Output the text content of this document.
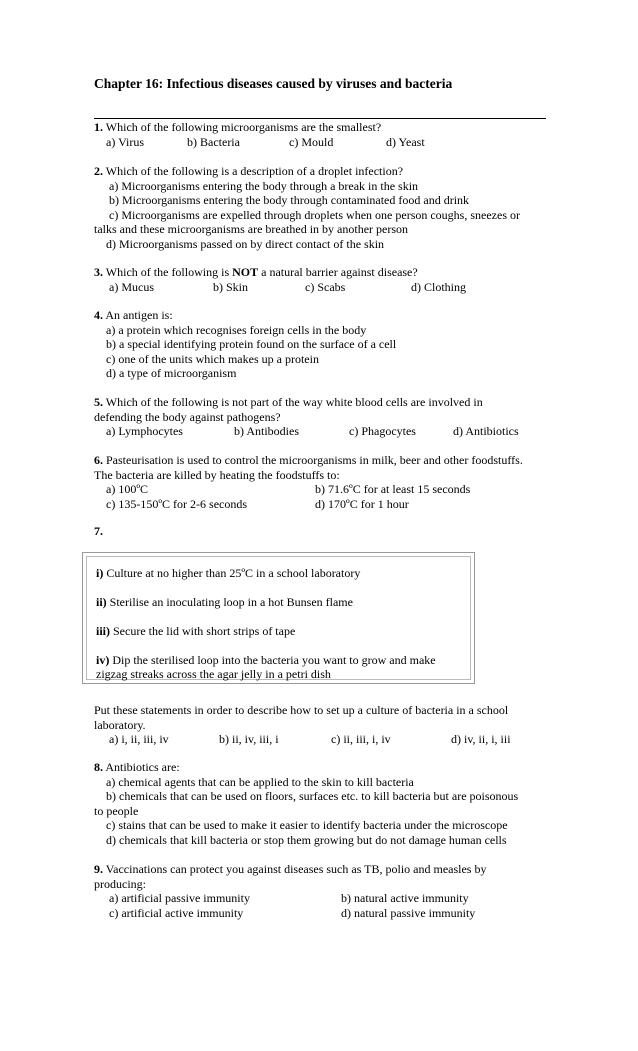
Chapter 16: Infectious diseases caused by viruses and bacteria
1. Which of the following microorganisms are the smallest?
a) Virus	b) Bacteria	c) Mould	d) Yeast
2. Which of the following is a description of a droplet infection?
a) Microorganisms entering the body through a break in the skin
b) Microorganisms entering the body through contaminated food and drink
c) Microorganisms are expelled through droplets when one person coughs, sneezes or
talks and these microorganisms are breathed in by another person
d) Microorganisms passed on by direct contact of the skin
3. Which of the following is NOT a natural barrier against disease?
a) Mucus	b) Skin	c) Scabs	d) Clothing
4. An antigen is:
a) a protein which recognises foreign cells in the body
b) a special identifying protein found on the surface of a cell
c) one of the units which makes up a protein
d) a type of microorganism
5. Which of the following is not part of the way white blood cells are involved in
defending the body against pathogens?
a) Lymphocytes	b) Antibodies	c) Phagocytes	d) Antibiotics
6. Pasteurisation is used to control the microorganisms in milk, beer and other foodstuffs.
The bacteria are killed by heating the foodstuffs to:
a) 100ºC	b) 71.6ºC for at least 15 seconds
c) 135-150ºC for 2-6 seconds	d) 170ºC for 1 hour
7.
i) Culture at no higher than 25ºC in a school laboratory
ii) Sterilise an inoculating loop in a hot Bunsen flame
iii) Secure the lid with short strips of tape
iv) Dip the sterilised loop into the bacteria you want to grow and make
zigzag streaks across the agar jelly in a petri dish
Put these statements in order to describe how to set up a culture of bacteria in a school
laboratory.
a) i, ii, iii, iv	b) ii, iv, iii, i	c) ii, iii, i, iv	d) iv, ii, i, iii
8. Antibiotics are:
a) chemical agents that can be applied to the skin to kill bacteria
b) chemicals that can be used on floors, surfaces etc. to kill bacteria but are poisonous
to people
c) stains that can be used to make it easier to identify bacteria under the microscope
d) chemicals that kill bacteria or stop them growing but do not damage human cells
9. Vaccinations can protect you against diseases such as TB, polio and measles by
producing:
a) artificial passive immunity	b) natural active immunity
c) artificial active immunity	d) natural passive immunity
